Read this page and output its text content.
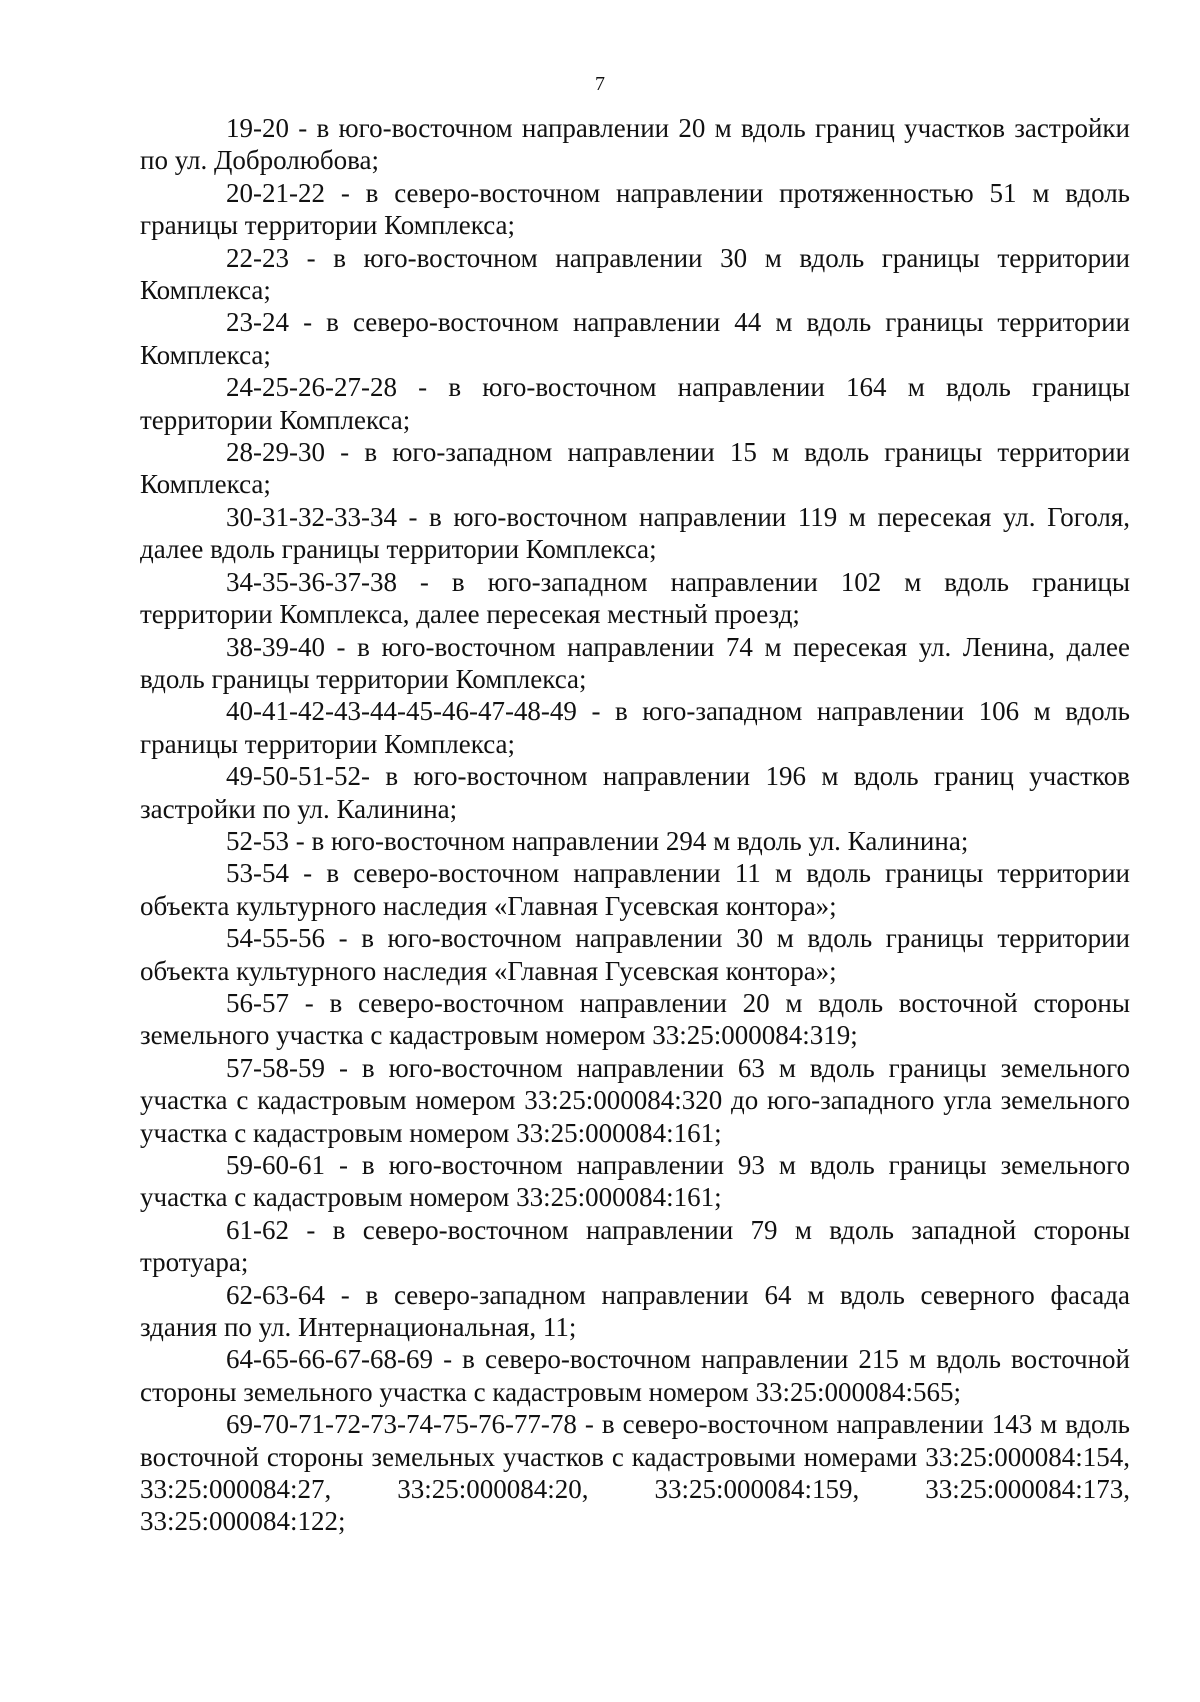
7

19-20 - в юго-восточном направлении 20 м вдоль границ участков застройки по ул. Добролюбова;

20-21-22 - в северо-восточном направлении протяженностью 51 м вдоль границы территории Комплекса;

22-23 - в юго-восточном направлении 30 м вдоль границы территории Комплекса;

23-24 - в северо-восточном направлении 44 м вдоль границы территории Комплекса;

24-25-26-27-28 - в юго-восточном направлении 164 м вдоль границы территории Комплекса;

28-29-30 - в юго-западном направлении 15 м вдоль границы территории Комплекса;

30-31-32-33-34 - в юго-восточном направлении 119 м пересекая ул. Гоголя, далее вдоль границы территории Комплекса;

34-35-36-37-38 - в юго-западном направлении 102 м вдоль границы территории Комплекса, далее пересекая местный проезд;

38-39-40 - в юго-восточном направлении 74 м пересекая ул. Ленина, далее вдоль границы территории Комплекса;

40-41-42-43-44-45-46-47-48-49 - в юго-западном направлении 106 м вдоль границы территории Комплекса;

49-50-51-52- в юго-восточном направлении 196 м вдоль границ участков застройки по ул. Калинина;

52-53 - в юго-восточном направлении 294 м вдоль ул. Калинина;

53-54 - в северо-восточном направлении 11 м вдоль границы территории объекта культурного наследия «Главная Гусевская контора»;

54-55-56 - в юго-восточном направлении 30 м вдоль границы территории объекта культурного наследия «Главная Гусевская контора»;

56-57 - в северо-восточном направлении 20 м вдоль восточной стороны земельного участка с кадастровым номером 33:25:000084:319;

57-58-59 - в юго-восточном направлении 63 м вдоль границы земельного участка с кадастровым номером 33:25:000084:320 до юго-западного угла земельного участка с кадастровым номером 33:25:000084:161;

59-60-61 - в юго-восточном направлении 93 м вдоль границы земельного участка с кадастровым номером 33:25:000084:161;

61-62 - в северо-восточном направлении 79 м вдоль западной стороны тротуара;

62-63-64 - в северо-западном направлении 64 м вдоль северного фасада здания по ул. Интернациональная, 11;

64-65-66-67-68-69 - в северо-восточном направлении 215 м вдоль восточной стороны земельного участка с кадастровым номером 33:25:000084:565;

69-70-71-72-73-74-75-76-77-78 - в северо-восточном направлении 143 м вдоль восточной стороны земельных участков с кадастровыми номерами 33:25:000084:154, 33:25:000084:27, 33:25:000084:20, 33:25:000084:159, 33:25:000084:173, 33:25:000084:122;
